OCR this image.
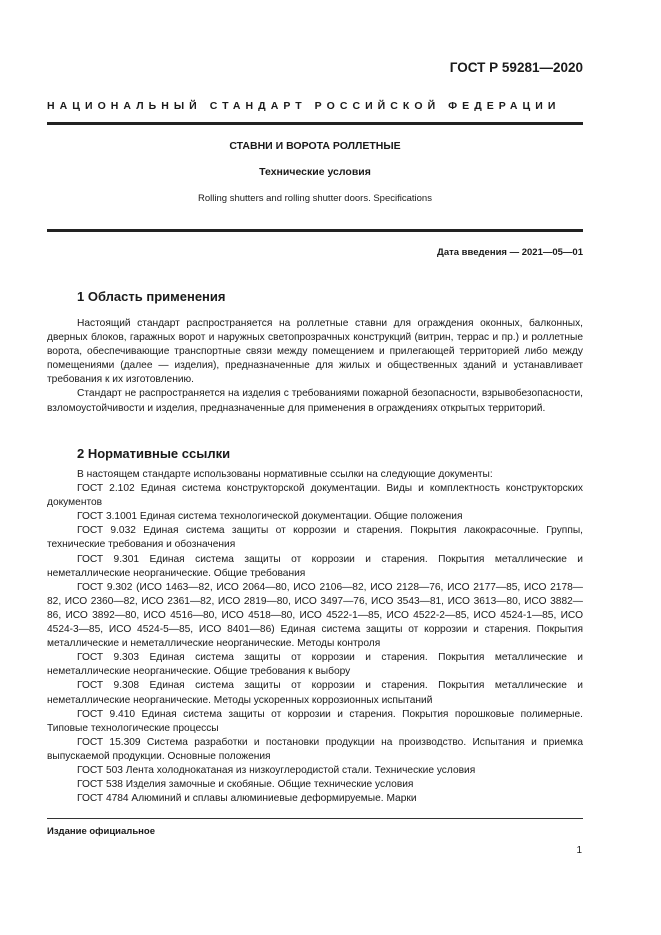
ГОСТ Р 59281—2020
НАЦИОНАЛЬНЫЙ СТАНДАРТ РОССИЙСКОЙ ФЕДЕРАЦИИ
СТАВНИ И ВОРОТА РОЛЛЕТНЫЕ
Технические условия
Rolling shutters and rolling shutter doors. Specifications
Дата введения — 2021—05—01
1 Область применения

Настоящий стандарт распространяется на роллетные ставни для ограждения оконных, балконных, дверных блоков, гаражных ворот и наружных светопрозрачных конструкций (витрин, террас и пр.) и роллетные ворота, обеспечивающие транспортные связи между помещением и прилегающей территорией либо между помещениями (далее — изделия), предназначенные для жилых и общественных зданий и устанавливает требования к их изготовлению.

Стандарт не распространяется на изделия с требованиями пожарной безопасности, взрывобезопасности, взломоустойчивости и изделия, предназначенные для применения в ограждениях открытых территорий.

2 Нормативные ссылки

В настоящем стандарте использованы нормативные ссылки на следующие документы:

ГОСТ 2.102 Единая система конструкторской документации. Виды и комплектность конструкторских документов

ГОСТ 3.1001 Единая система технологической документации. Общие положения

ГОСТ 9.032 Единая система защиты от коррозии и старения. Покрытия лакокрасочные. Группы, технические требования и обозначения

ГОСТ 9.301 Единая система защиты от коррозии и старения. Покрытия металлические и неметаллические неорганические. Общие требования

ГОСТ 9.302 (ИСО 1463—82, ИСО 2064—80, ИСО 2106—82, ИСО 2128—76, ИСО 2177—85, ИСО 2178—82, ИСО 2360—82, ИСО 2361—82, ИСО 2819—80, ИСО 3497—76, ИСО 3543—81, ИСО 3613—80, ИСО 3882—86, ИСО 3892—80, ИСО 4516—80, ИСО 4518—80, ИСО 4522-1—85, ИСО 4522-2—85, ИСО 4524-1—85, ИСО 4524-3—85, ИСО 4524-5—85, ИСО 8401—86) Единая система защиты от коррозии и старения. Покрытия металлические и неметаллические неорганические. Методы контроля

ГОСТ 9.303 Единая система защиты от коррозии и старения. Покрытия металлические и неметаллические неорганические. Общие требования к выбору

ГОСТ 9.308 Единая система защиты от коррозии и старения. Покрытия металлические и неметаллические неорганические. Методы ускоренных коррозионных испытаний

ГОСТ 9.410 Единая система защиты от коррозии и старения. Покрытия порошковые полимерные. Типовые технологические процессы

ГОСТ 15.309 Система разработки и постановки продукции на производство. Испытания и приемка выпускаемой продукции. Основные положения

ГОСТ 503 Лента холоднокатаная из низкоуглеродистой стали. Технические условия

ГОСТ 538 Изделия замочные и скобяные. Общие технические условия

ГОСТ 4784 Алюминий и сплавы алюминиевые деформируемые. Марки

Издание официальное
1
